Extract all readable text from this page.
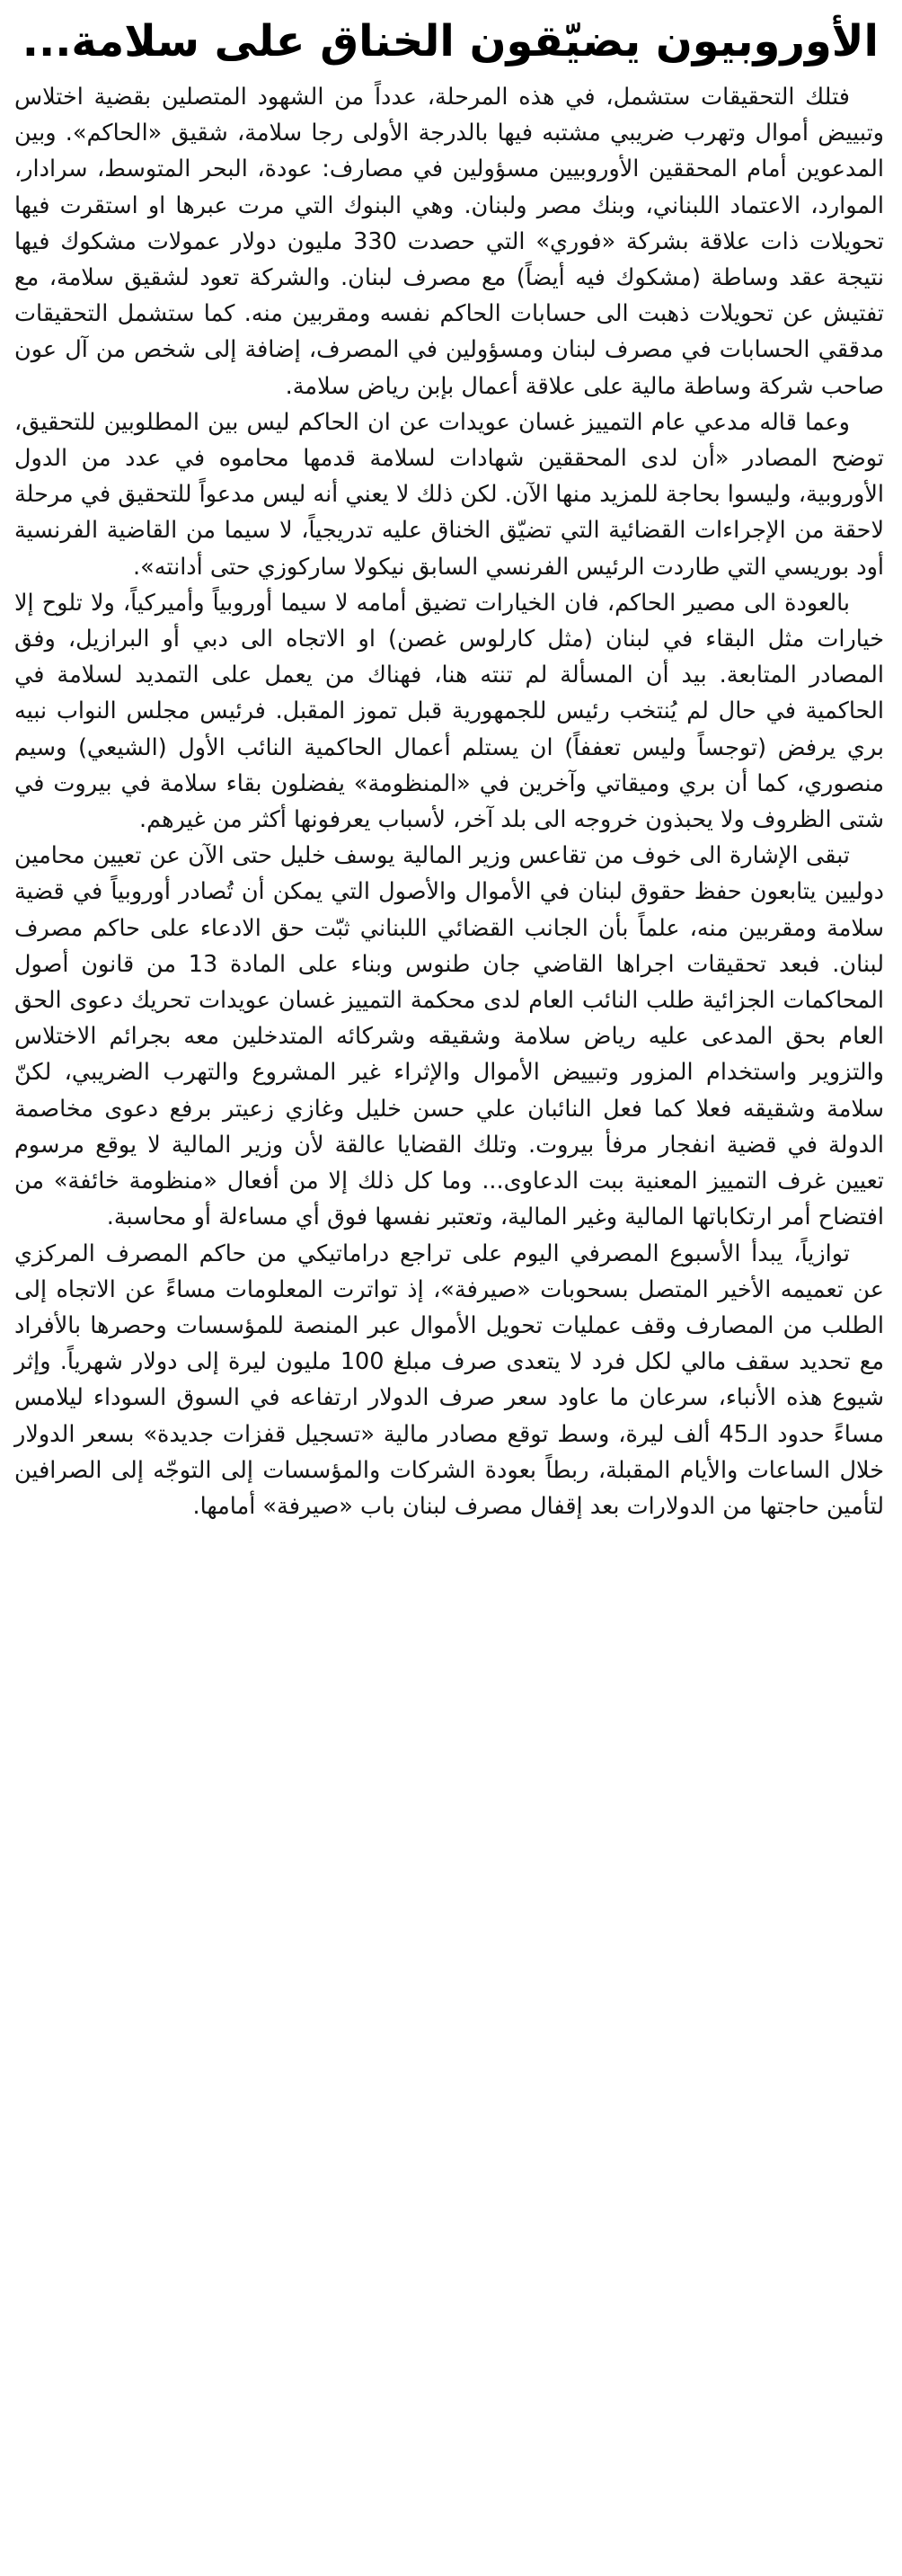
الأوروبيون يضيّقون الخناق على سلامة...

فتلك التحقيقات ستشمل، في هذه المرحلة، عدداً من الشهود المتصلين بقضية اختلاس وتبييض أموال وتهرب ضريبي مشتبه فيها بالدرجة الأولى رجا سلامة، شقيق «الحاكم». وبين المدعوين أمام المحققين الأوروبيين مسؤولين في مصارف: عودة، البحر المتوسط، سرادار، الموارد، الاعتماد اللبناني، وبنك مصر ولبنان. وهي البنوك التي مرت عبرها او استقرت فيها تحويلات ذات علاقة بشركة «فوري» التي حصدت 330 مليون دولار عمولات مشكوك فيها نتيجة عقد وساطة (مشكوك فيه أيضاً) مع مصرف لبنان. والشركة تعود لشقيق سلامة، مع تفتيش عن تحويلات ذهبت الى حسابات الحاكم نفسه ومقربين منه. كما ستشمل التحقيقات مدققي الحسابات في مصرف لبنان ومسؤولين في المصرف، إضافة إلى شخص من آل عون صاحب شركة وساطة مالية على علاقة أعمال بإبن رياض سلامة.

وعما قاله مدعي عام التمييز غسان عويدات عن ان الحاكم ليس بين المطلوبين للتحقيق، توضح المصادر «أن لدى المحققين شهادات لسلامة قدمها محاموه في عدد من الدول الأوروبية، وليسوا بحاجة للمزيد منها الآن. لكن ذلك لا يعني أنه ليس مدعواً للتحقيق في مرحلة لاحقة من الإجراءات القضائية التي تضيّق الخناق عليه تدريجياً، لا سيما من القاضية الفرنسية أود بوريسي التي طاردت الرئيس الفرنسي السابق نيكولا ساركوزي حتى أدانته».

بالعودة الى مصير الحاكم، فان الخيارات تضيق أمامه لا سيما أوروبياً وأميركياً، ولا تلوح إلا خيارات مثل البقاء في لبنان (مثل كارلوس غصن) او الاتجاه الى دبي أو البرازيل، وفق المصادر المتابعة. بيد أن المسألة لم تنته هنا، فهناك من يعمل على التمديد لسلامة في الحاكمية في حال لم يُنتخب رئيس للجمهورية قبل تموز المقبل. فرئيس مجلس النواب نبيه بري يرفض (توجساً وليس تعففاً) ان يستلم أعمال الحاكمية النائب الأول (الشيعي) وسيم منصوري، كما أن بري وميقاتي وآخرين في «المنظومة» يفضلون بقاء سلامة في بيروت في شتى الظروف ولا يحبذون خروجه الى بلد آخر، لأسباب يعرفونها أكثر من غيرهم.

تبقى الإشارة الى خوف من تقاعس وزير المالية يوسف خليل حتى الآن عن تعيين محامين دوليين يتابعون حفظ حقوق لبنان في الأموال والأصول التي يمكن أن تُصادر أوروبياً في قضية سلامة ومقربين منه، علماً بأن الجانب القضائي اللبناني ثبّت حق الادعاء على حاكم مصرف لبنان. فبعد تحقيقات اجراها القاضي جان طنوس وبناء على المادة 13 من قانون أصول المحاكمات الجزائية طلب النائب العام لدى محكمة التمييز غسان عويدات تحريك دعوى الحق العام بحق المدعى عليه رياض سلامة وشقيقه وشركائه المتدخلين معه بجرائم الاختلاس والتزوير واستخدام المزور وتبييض الأموال والإثراء غير المشروع والتهرب الضريبي، لكنّ سلامة وشقيقه فعلا كما فعل النائبان علي حسن خليل وغازي زعيتر برفع دعوى مخاصمة الدولة في قضية انفجار مرفأ بيروت. وتلك القضايا عالقة لأن وزير المالية لا يوقع مرسوم تعيين غرف التمييز المعنية ببت الدعاوى... وما كل ذلك إلا من أفعال «منظومة خائفة» من افتضاح أمر ارتكاباتها المالية وغير المالية، وتعتبر نفسها فوق أي مساءلة أو محاسبة.

توازياً، يبدأ الأسبوع المصرفي اليوم على تراجع دراماتيكي من حاكم المصرف المركزي عن تعميمه الأخير المتصل بسحوبات «صيرفة»، إذ تواترت المعلومات مساءً عن الاتجاه إلى الطلب من المصارف وقف عمليات تحويل الأموال عبر المنصة للمؤسسات وحصرها بالأفراد مع تحديد سقف مالي لكل فرد لا يتعدى صرف مبلغ 100 مليون ليرة إلى دولار شهرياً. وإثر شيوع هذه الأنباء، سرعان ما عاود سعر صرف الدولار ارتفاعه في السوق السوداء ليلامس مساءً حدود الـ45 ألف ليرة، وسط توقع مصادر مالية «تسجيل قفزات جديدة» بسعر الدولار خلال الساعات والأيام المقبلة، ربطاً بعودة الشركات والمؤسسات إلى التوجّه إلى الصرافين لتأمين حاجتها من الدولارات بعد إقفال مصرف لبنان باب «صيرفة» أمامها.
